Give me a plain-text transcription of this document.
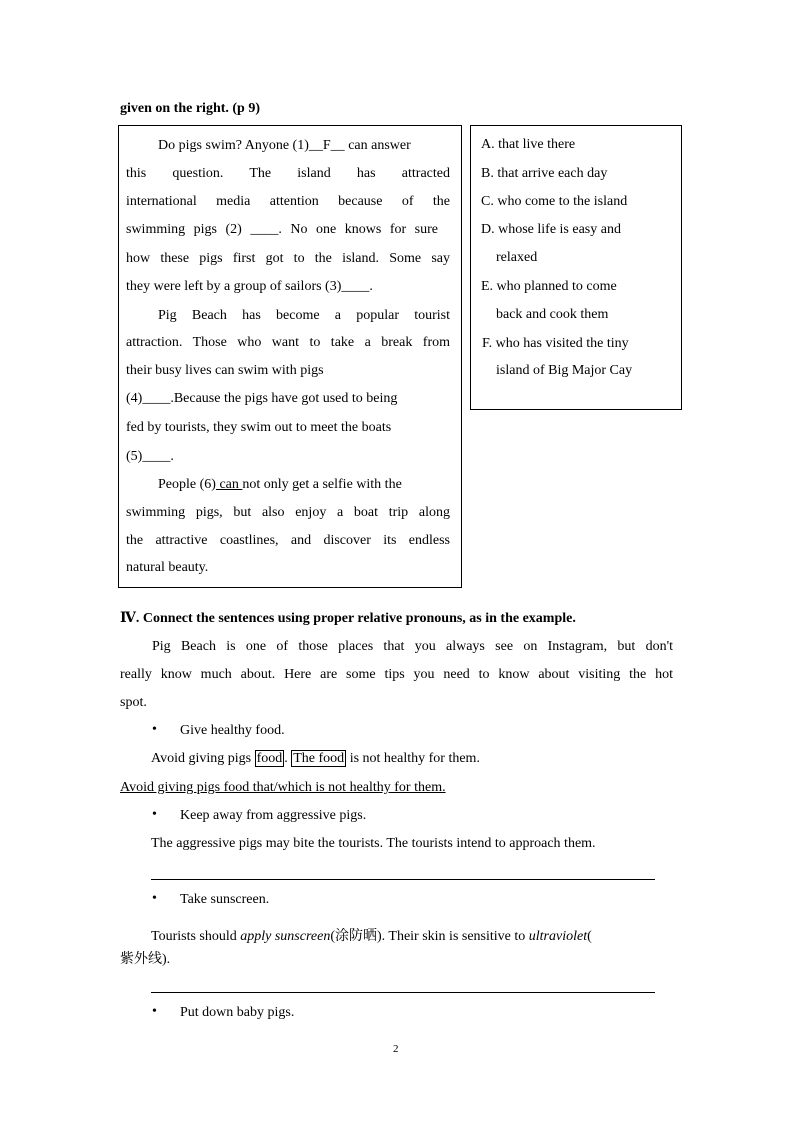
given on the right. (p 9)
Do pigs swim? Anyone (1)__F__ can answer
this question. The island has attracted
international media attention because of the
swimming pigs (2) ____. No one knows for sure
how these pigs first got to the island. Some say
they were left by a group of sailors (3)____.
Pig Beach has become a popular tourist
attraction. Those who want to take a break from
their busy lives can swim with pigs
(4)____.Because the pigs have got used to being
fed by tourists, they swim out to meet the boats
(5)____.
People (6) can not only get a selfie with the
swimming pigs, but also enjoy a boat trip along
the attractive coastlines, and discover its endless
natural beauty.
A. that live there
B. that arrive each day
C. who come to the island
D. whose life is easy and
relaxed
E. who planned to come
back and cook them
F. who has visited the tiny
island of Big Major Cay
Ⅳ. Connect the sentences using proper relative pronouns, as in the example.
Pig Beach is one of those places that you always see on Instagram, but don't
really know much about. Here are some tips you need to know about visiting the hot
spot.
• Give healthy food.
Avoid giving pigs food . The food is not healthy for them.
Avoid giving pigs food that/which is not healthy for them.
• Keep away from aggressive pigs.
The aggressive pigs may bite the tourists. The tourists intend to approach them.
• Take sunscreen.
Tourists should apply sunscreen(涂防晒). Their skin is sensitive to ultraviolet(
紫外线).
• Put down baby pigs.
2
